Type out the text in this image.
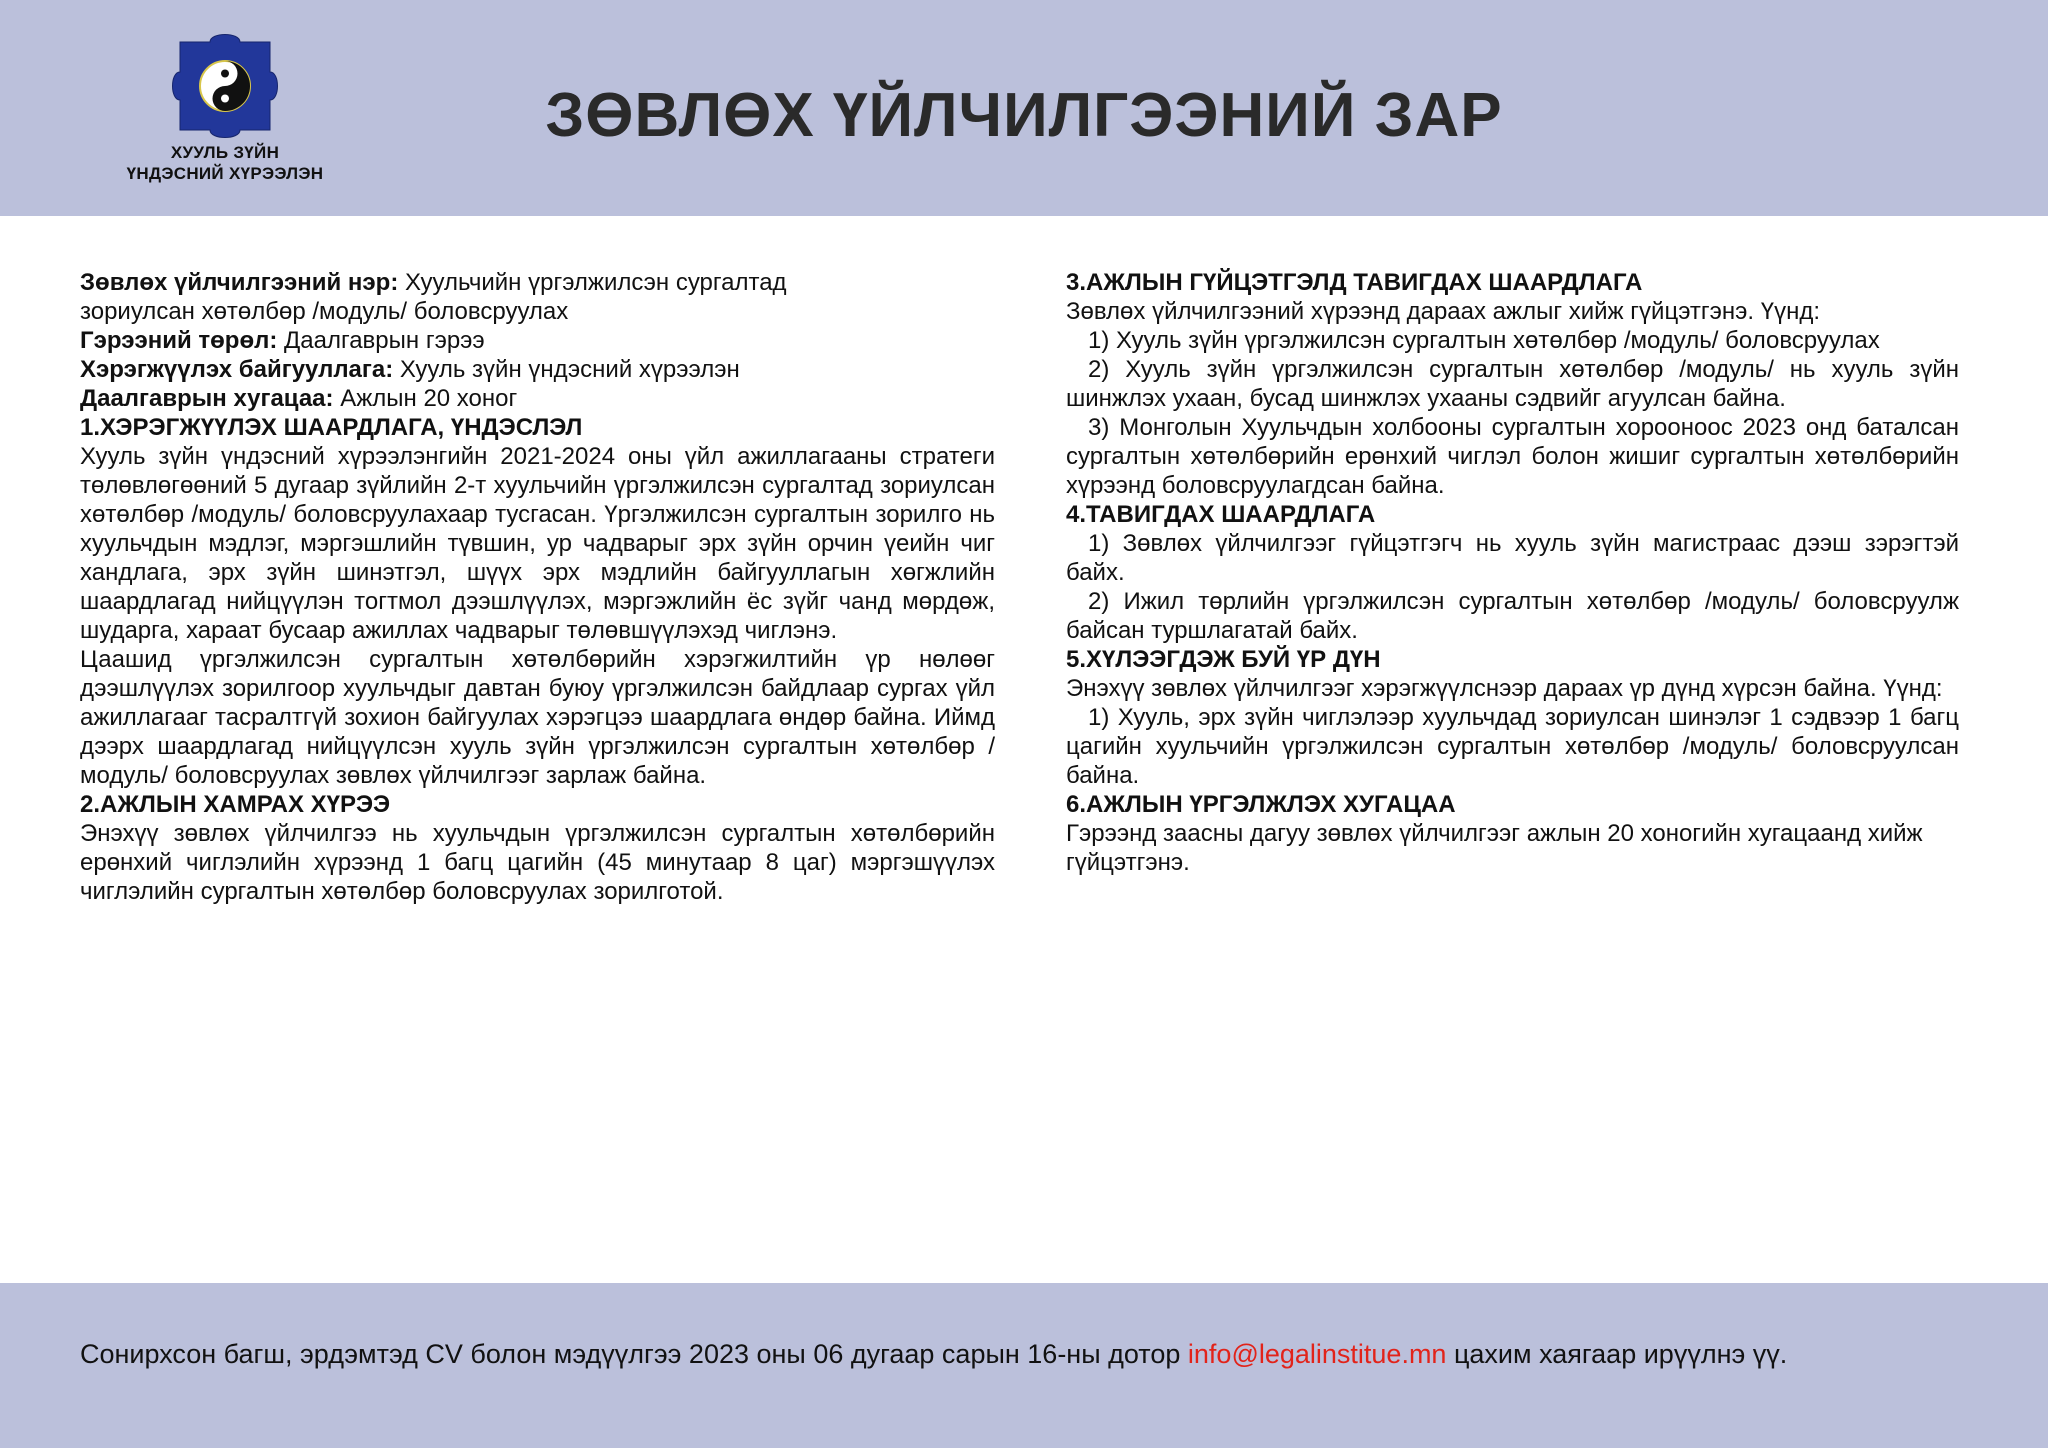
ХУУЛЬ ЗҮЙН
ҮНДЭСНИЙ ХҮРЭЭЛЭН
ЗӨВЛӨХ ҮЙЛЧИЛГЭЭНИЙ ЗАР

Зөвлөх үйлчилгээний нэр: Хуульчийн үргэлжилсэн сургалтад

зориулсан хөтөлбөр /модуль/ боловсруулах

Гэрээний төрөл: Даалгаврын гэрээ

Хэрэгжүүлэх байгууллага: Хууль зүйн үндэсний хүрээлэн

Даалгаврын хугацаа: Ажлын 20 хоног

1.ХЭРЭГЖҮҮЛЭХ ШААРДЛАГА, ҮНДЭСЛЭЛ

Хууль зүйн үндэсний хүрээлэнгийн 2021-2024 оны үйл ажиллагааны стратеги төлөвлөгөөний 5 дугаар зүйлийн 2-т хуульчийн үргэлжилсэн сургалтад зориулсан хөтөлбөр /модуль/ боловсруулахаар тусгасан. Үргэлжилсэн сургалтын зорилго нь хуульчдын мэдлэг, мэргэшлийн түвшин, ур чадварыг эрх зүйн орчин үеийн чиг хандлага, эрх зүйн шинэтгэл, шүүх эрх мэдлийн байгууллагын хөгжлийн шаардлагад нийцүүлэн тогтмол дээшлүүлэх, мэргэжлийн ёс зүйг чанд мөрдөж, шударга, хараат бусаар ажиллах чадварыг төлөвшүүлэхэд чиглэнэ.

Цаашид үргэлжилсэн сургалтын хөтөлбөрийн хэрэгжилтийн үр нөлөөг дээшлүүлэх зорилгоор хуульчдыг давтан буюу үргэлжилсэн байдлаар сургах үйл ажиллагааг тасралтгүй зохион байгуулах хэрэгцээ шаардлага өндөр байна. Иймд дээрх шаардлагад нийцүүлсэн хууль зүйн үргэлжилсэн сургалтын хөтөлбөр /модуль/ боловсруулах зөвлөх үйлчилгээг зарлаж байна.

2.АЖЛЫН ХАМРАХ ХҮРЭЭ

Энэхүү зөвлөх үйлчилгээ нь хуульчдын үргэлжилсэн сургалтын хөтөлбөрийн ерөнхий чиглэлийн хүрээнд 1 багц цагийн (45 минутаар 8 цаг) мэргэшүүлэх чиглэлийн сургалтын хөтөлбөр боловсруулах зорилготой.

3.АЖЛЫН ГҮЙЦЭТГЭЛД ТАВИГДАХ ШААРДЛАГА

Зөвлөх үйлчилгээний хүрээнд дараах ажлыг хийж гүйцэтгэнэ. Үүнд:

1) Хууль зүйн үргэлжилсэн сургалтын хөтөлбөр /модуль/ боловсруулах

2) Хууль зүйн үргэлжилсэн сургалтын хөтөлбөр /модуль/ нь хууль зүйн шинжлэх ухаан, бусад шинжлэх ухааны сэдвийг агуулсан байна.

3) Монголын Хуульчдын холбооны сургалтын хорооноос 2023 онд баталсан сургалтын хөтөлбөрийн ерөнхий чиглэл болон жишиг сургалтын хөтөлбөрийн хүрээнд боловсруулагдсан байна.

4.ТАВИГДАХ ШААРДЛАГА

1) Зөвлөх үйлчилгээг гүйцэтгэгч нь хууль зүйн магистраас дээш зэрэгтэй байх.

2) Ижил төрлийн үргэлжилсэн сургалтын хөтөлбөр /модуль/ боловсруулж байсан туршлагатай байх.

5.ХҮЛЭЭГДЭЖ БУЙ ҮР ДҮН

Энэхүү зөвлөх үйлчилгээг хэрэгжүүлснээр дараах үр дүнд хүрсэн байна. Үүнд:

1) Хууль, эрх зүйн чиглэлээр хуульчдад зориулсан шинэлэг 1 сэдвээр 1 багц цагийн хуульчийн үргэлжилсэн сургалтын хөтөлбөр /модуль/ боловсруулсан байна.

6.АЖЛЫН ҮРГЭЛЖЛЭХ ХУГАЦАА

Гэрээнд заасны дагуу зөвлөх үйлчилгээг ажлын 20 хоногийн хугацаанд хийж гүйцэтгэнэ.

Сонирхсон багш, эрдэмтэд CV болон мэдүүлгээ 2023 оны 06 дугаар сарын 16-ны дотор info@legalinstitue.mn цахим хаягаар ирүүлнэ үү.
